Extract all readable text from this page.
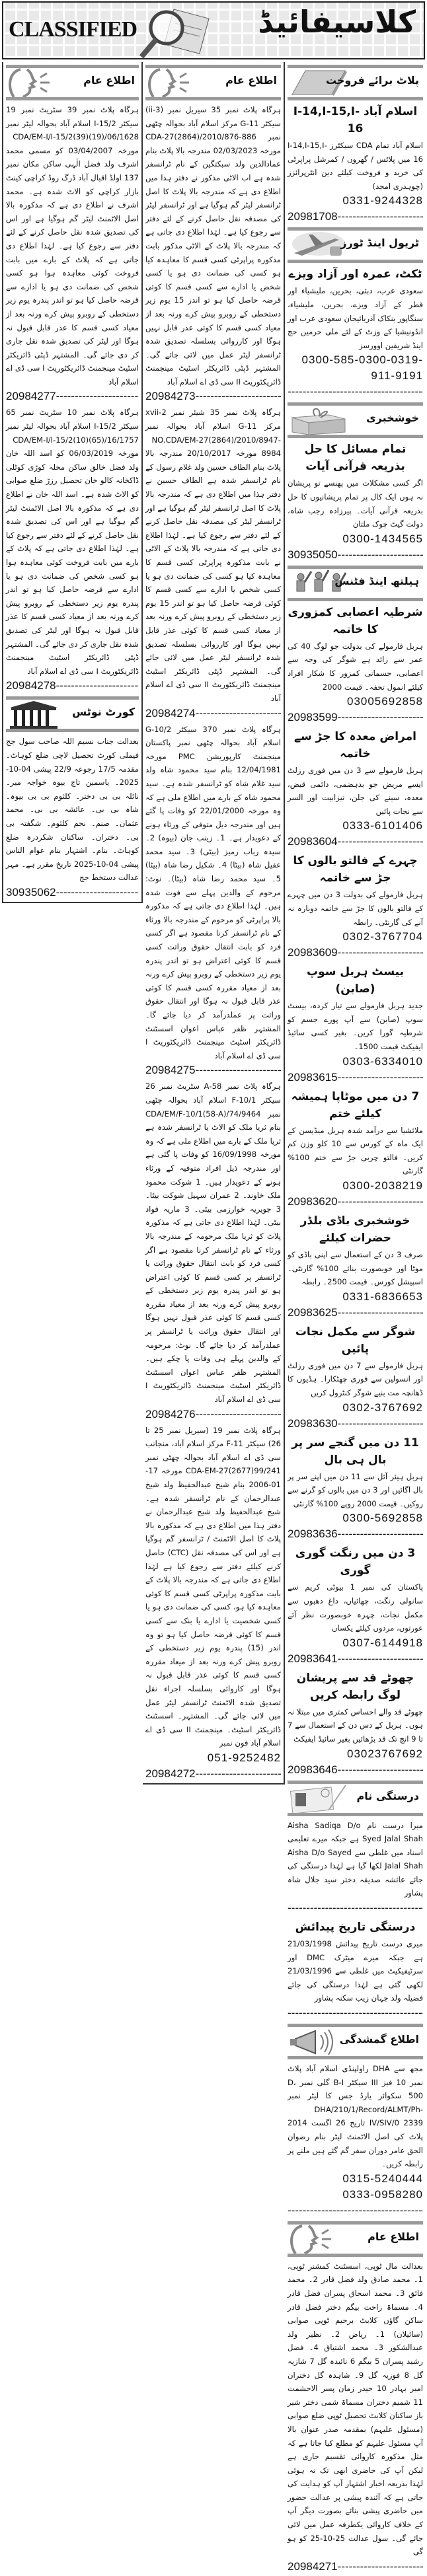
CLASSIFIED	کلاسیفائیڈ
اطلاع عام

ہرگاہ پلاٹ نمبر 39 سٹریٹ نمبر 19 سیکٹر I-15/2 اسلام آباد بحوالہ لیٹر نمبر CDA/EM-I/I-15/2(39)(19)/06/1628 مورخہ 03/04/2007 کو مسمی محمد اشرف ولد فضل الٰہی ساکن مکان نمبر 137 اولڈ اقبال آباد ڈرگ روڈ کراچی کینٹ بازار کراچی کو الاٹ شدہ ہے۔ محمد اشرف نے اطلاع دی ہے کہ مذکورہ بالا اصل الاٹمنٹ لیٹر گم ہوگیا ہے اور اس کی تصدیق شدہ نقل حاصل کرنے کے لئے دفتر سے رجوع کیا ہے۔ لہٰذا اطلاع دی جاتی ہے کہ پلاٹ کے بارے میں بابت فروخت کوئی معاہدہ ہوا ہو کسی شخص کی ضمانت دی ہو یا ادارے سے قرضہ حاصل کیا ہو تو اندر پندرہ یوم زیر دستخطی کے روبرو پیش کرے ورنہ بعد از معیاد کسی قسم کا عذر قابل قبول نہ ہوگا اور لیٹر کی تصدیق شدہ نقل جاری کر دی جائے گی۔ المشتہر ڈپٹی ڈائریکٹر اسٹیٹ مینجمنٹ ڈائریکٹوریٹ I سی ڈی اے اسلام آباد

20984277 -----

ہرگاہ پلاٹ نمبر 10 سٹریٹ نمبر 65 سیکٹر I-15/2 اسلام آباد بحوالہ لیٹر نمبر CDA/EM-I/I-15/2(10)(65)/16/1757 مورخہ 06/03/2019 کو اسد اللہ خان ولد فضل خالق ساکن محلہ کوڑی کوٹلی ڈاکخانہ کالو خان تحصیل رزڑ ضلع صوابی کو الاٹ شدہ ہے۔ اسد اللہ خان نے اطلاع دی ہے کہ مذکورہ بالا اصل الاٹمنٹ لیٹر گم ہوگیا ہے اور اس کی تصدیق شدہ نقل حاصل کرنے کے لئے دفتر سے رجوع کیا ہے۔ لہٰذا اطلاع دی جاتی ہے کہ پلاٹ کے بارے میں بابت فروخت کوئی معاہدہ ہوا ہو کسی شخص کی ضمانت دی ہو یا ادارے سے قرضہ حاصل کیا ہو تو اندر پندرہ یوم زیر دستخطی کے روبرو پیش کرے ورنہ بعد از معیاد کسی قسم کا عذر قابل قبول نہ ہوگا اور لیٹر کی تصدیق شدہ نقل جاری کر دی جائے گی۔ المشتہر ڈپٹی ڈائریکٹر اسٹیٹ مینجمنٹ ڈائریکٹوریٹ I سی ڈی اے اسلام آباد

20984278 -----
کورٹ نوٹس

بعدالت جناب نسیم اللہ صاحب سول جج فیملی کورٹ تحصیل لاچی ضلع کوہاٹ۔ مقدمہ 17/5 رجوعہ 22/9 پیشی 04-10-2025۔ یاسمین تاج بیوہ خواجہ میر۔ نائلہ بی بی دختر۔ کلثوم بی بی بیوہ۔ شاہ بی بی۔ عائشہ بی بی۔ محمد عثمان۔ صنم۔ نجم کلثوم۔ شگفتہ بی بی۔ دختران۔ ساکنان شکردرہ ضلع کوہاٹ۔ بنام۔ اشتہار بنام عوام الناس پیشی 04-10-2025 تاریخ مقرر ہے۔ مہر عدالت دستخط جج

30935062 -----
اطلاع عام

ہرگاہ پلاٹ نمبر 35 سیریل نمبر (3-ii) سیکٹر G-11 مرکز اسلام آباد بحوالہ چٹھی نمبر CDA-27(2864)/2010/876-886 مورخہ 02/03/2023 مندرجہ بالا پلاٹ بنام عمادالدین ولد سبکتگین کے نام ٹرانسفر شدہ ہے اب الاٹی مذکور نے دفتر ہذا میں اطلاع دی ہے کہ مندرجہ بالا پلاٹ کا اصل ٹرانسفر لیٹر گم ہوگیا ہے اور ٹرانسفر لیٹر کی مصدقہ نقل حاصل کرنے کے لئے دفتر سے رجوع کیا ہے۔ لہٰذا اطلاع دی جاتی ہے کہ مندرجہ بالا پلاٹ کے الاٹی مذکور بابت مذکورہ پراپرٹی کسی قسم کا معاہدہ کیا ہو کسی کی ضمانت دی ہو یا کسی شخص یا ادارے سے کسی قسم کا کوئی قرضہ حاصل کیا ہو تو اندر 15 یوم زیر دستخطی کے روبرو پیش کرے ورنہ بعد از معیاد کسی قسم کا کوئی عذر قابل نہیں ہوگا اور کارروائی بسلسلہ تصدیق شدہ ٹرانسفر لیٹر عمل میں لائی جائے گی۔ المشتہر ڈپٹی ڈائریکٹر اسٹیٹ مینجمنٹ ڈائریکٹوریٹ II سی ڈی اے اسلام آباد

20984273 -----

ہرگاہ پلاٹ نمبر 35 شیئر نمبر 2-xvii مرکز G-11 اسلام آباد بحوالہ نمبر NO.CDA/EM-27(2864)/2010/8947-8984 مورخہ 20/10/2017 مندرجہ بالا پلاٹ بنام الطاف حسین ولد غلام رسول کے نام ٹرانسفر شدہ ہے الطاف حسین نے دفتر ہذا میں اطلاع دی ہے کہ مندرجہ بالا پلاٹ کا اصل ٹرانسفر لیٹر گم ہوگیا ہے اور ٹرانسفر لیٹر کی مصدقہ نقل حاصل کرنے کے لئے دفتر سے رجوع کیا ہے۔ لہٰذا اطلاع دی جاتی ہے کہ مندرجہ بالا پلاٹ کے الاٹی نے بابت مذکورہ پراپرٹی کسی قسم کا معاہدہ کیا ہو کسی کی ضمانت دی ہو یا کسی شخص یا ادارے سے کسی قسم کا کوئی قرضہ حاصل کیا ہو تو اندر 15 یوم زیر دستخطی کے روبرو پیش کرے ورنہ بعد از معیاد کسی قسم کا کوئی عذر قابل نہیں ہوگا اور کارروائی بسلسلہ تصدیق شدہ ٹرانسفر لیٹر عمل میں لائی جائے گی۔ المشتہر ڈپٹی ڈائریکٹر اسٹیٹ مینجمنٹ ڈائریکٹوریٹ II سی ڈی اے اسلام آباد

20984274 -----

ہرگاہ پلاٹ نمبر 370 سیکٹر G-10/2 اسلام آباد بحوالہ چٹھی نمبر پاکستان مینجمنٹ کارپوریشن PMC مورخہ 12/04/1981 بنام سید محمود شاہ ولد سید غلام شاہ کو ٹرانسفر شدہ ہے۔ سید محمود شاہ کے بارے میں اطلاع ملی ہے کہ وہ مورخہ 22/01/2000 کو وفات پا گئے ہیں اور مندرجہ ذیل متوفی کے ورثاء ہونے کے دعویدار ہے۔ 1۔ زینب جان (بیوہ) 2۔ سیدہ رباب رمیز (بیٹی) 3۔ سید محمد عقیل شاہ (بیٹا) 4۔ شکیل رضا شاہ (بیٹا) 5۔ سید محمد رضا شاہ (بیٹا)۔ نوٹ: مرحوم کے والدین پہلے سے فوت شدہ ہیں۔ لہٰذا اطلاع دی جاتی ہے کہ مذکورہ بالا پراپرٹی کو مرحوم کے مندرجہ بالا ورثاء کے نام ٹرانسفر کرنا مقصود ہے اگر کسی فرد کو بابت انتقال حقوق وراثت کسی قسم کا کوئی اعتراض ہو تو اندر پندرہ یوم زیر دستخطی کے روبرو پیش کرے ورنہ بعد از معیاد مقررہ کسی قسم کا کوئی عذر قابل قبول نہ ہوگا اور انتقال حقوق وراثت پر عملدرآمد کر دیا جائے گا۔ المشتہر ظفر عباس اعوان اسسٹنٹ ڈائریکٹر اسٹیٹ مینجمنٹ ڈائریکٹوریٹ I سی ڈی اے اسلام آباد

20984275 -----

ہرگاہ پلاٹ نمبر 58-A سٹریٹ نمبر 26 سیکٹر F-10/1 اسلام آباد بحوالہ چٹھی نمبر CDA/EM/F-10/1(58-A)/74/9464 بنام ثریا ملک کو الاٹ یا ٹرانسفر شدہ ہے ثریا ملک کے بارے میں اطلاع ملی ہے کہ وہ مورخہ 16/09/1998 کو وفات پا گئی ہے اور مندرجہ ذیل افراد متوفیہ کے ورثاء ہونے کے دعویدار ہیں۔ 1 شوکت محمود ملک خاوند۔ 2 عمران سہیل شوکت بیٹا۔ 3 جویریہ خوارزمی بیٹی۔ 3 ماریہ فواد بیٹی۔ لہٰذا اطلاع دی جاتی ہے کہ مذکورہ پلاٹ کو ثریا ملک مرحومہ کے مندرجہ بالا ورثاء کے نام ٹرانسفر کرنا مقصود ہے اگر کسی فرد کو بابت انتقال حقوق وراثت یا ٹرانسفر پر کسی قسم کا کوئی اعتراض ہو تو اندر پندرہ یوم زیر دستخطی کے روبرو پیش کرے ورنہ بعد از معیاد مقررہ کسی قسم کا کوئی عذر قبول نہیں ہوگا اور انتقال حقوق وراثت یا ٹرانسفر پر عملدرآمد کر دیا جائے گا۔ نوٹ: مرحومہ کے والدین پہلے ہی وفات پا چکے ہیں۔ المشتہر ظفر عباس اعوان اسسٹنٹ ڈائریکٹر اسٹیٹ مینجمنٹ ڈائریکٹوریٹ I سی ڈی اے اسلام آباد

20984276 -----

ہرگاہ پلاٹ نمبر 19 (سیریل نمبر 25 تا 26) سیکٹر F-11 مرکز اسلام آباد، منجانب سی ڈی اے اسلام آباد بحوالہ چھٹی نمبر CDA-EM-27(2677)99/241 مورخہ 17-01-2006 بنام شیخ عبدالحفیظ ولد شیخ عبدالرحمان کے نام ٹرانسفر شدہ ہے۔ شیخ عبدالحفیظ ولد شیخ عبدالرحمان نے دفتر ہذا میں اطلاع دی ہے کہ مذکورہ بالا پلاٹ کا اصل الاٹمنٹ / ٹرانسفر گم ہوگیا ہے اور اس کی مصدقہ نقل (CTC) حاصل کرنے کیلئے دفتر سے رجوع کیا ہے لہٰذا اطلاع دی جاتی ہے کہ مندرجہ بالا پلاٹ کے بابت مذکورہ پراپرٹی کسی قسم کا کوئی معاہدہ کیا ہو، کسی کی ضمانت دی ہو یا کسی شخصیت یا ادارے یا بنک سے کسی قسم کا کوئی قرضہ حاصل کیا ہو تو وہ اندر (15) پندرہ یوم زیر دستخطی کے روبرو پیش کرے ورنہ بعد از میعاد مقررہ کسی قسم کا کوئی عذر قابل قبول نہ ہوگا اور کاروائی بسلسلہ اجراء نقل تصدیق شدہ الاٹمنٹ ٹرانسفر لیٹر عمل میں لائی جائے گی۔ المشتہر۔ اسسٹنٹ ڈائریکٹر اسٹیٹ۔ مینجمنٹ II سی ڈی اے اسلام آباد فون نمبر

051-9252482
20984272 -----
پلاٹ برائے فروخت
اسلام آباد I-14,I-15,I-16

اسلام آباد تمام CDA سیکٹرز I-14,I-15,I-16 میں پلاٹس / گھروں / کمرشل پراپرٹی کی خرید و فروخت کیلئے دین انٹرپرائزز (چوہدری امجد)

0331-9244328
20981708 -----
ٹریول اینڈ ٹورز
ٹکٹ، عمرہ اور آزاد ویزے

سعودی عرب، دبئی، بحرین، ملیشیاء اور قطر کے آزاد ویزے، بحرین، ملیشیاء، سنگاپور بنکاک آذربائیجان سعودی عرب اور انڈونیشیا کے وزٹ کے لئے ملی حرمین حج اینڈ شریفین اوورسز

0300-585-0300-0319-911-9191
-----
خوشخبری
تمام مسائل کا حل بذریعہ قرآنی آیات

اگر کسی مشکلات میں پھنسے تو پریشان نہ ہوں ایک کال پر تمام پریشانیوں کا حل بذریعہ قرآنی آیات۔ پیرزادہ رجب شاہ، دولت گیٹ چوک ملتان

0300-1434565
30935050 -----
ہیلتھ اینڈ فٹنس
شرطیہ اعصابی کمزوری کا خاتمہ

ہربل فارمولے کی بدولت جو لوگ 40 کی عمر سے زائد ہے شوگر کی وجہ سے اعصابی، جسمانی کمزور کا شکار افراد کیلئے انمول تحفہ۔ قیمت 2000

03005692858
20983599 -----
امراض معدہ کا جڑ سے خاتمہ

ہربل فارمولے سے 3 دن میں فوری رزلٹ ایسے مریض جو بدہضمی، دائمی قبض، معدہ، سینے کی جلن، تیزابیت اور السر سے نجات پائیں

0333-6101406
20983604 -----
چہرے کے فالتو بالوں کا جڑ سے خاتمہ

ہربل فارمولے کی بدولت 3 دن میں چہرے کے فالتو بالوں کا جڑ سے خاتمہ دوبارہ نہ آنے کی گارنٹی۔ رابطہ

0302-3767704
20983609 -----
بیسٹ ہربل سوپ (صابن)

جدید ہربل فارمولے سے تیار کردہ، بیسٹ سوپ (صابن) سے آپ پورے جسم کو شرطیہ گورا کریں۔ بغیر کسی سائیڈ ایفیکٹ قیمت 1500۔

0303-6334010
20983615 -----
7 دن میں موٹاپا ہمیشہ کیلئے ختم

ملائشیا سے درآمد شدہ ہربل میڈیسن کے ایک ماہ کے کورس سے 10 کلو وزن کم کریں۔ فالتو چربی جڑ سے ختم 100% گارنٹی

0300-2038219
20983620 -----
خوشخبری باڈی بلڈر حضرات کیلئے

صرف 3 دن کے استعمال سے اپنی باڈی کو موٹا اور خوبصورت بنائے 100% گارنٹی۔ اسپیشل کورس۔ قیمت 2500۔ رابطہ

0331-6836653
20983625 -----
شوگر سے مکمل نجات پائیں

ہربل فارمولے سے 7 دن میں فوری رزلٹ اور انسولین سے فوری چھٹکارا۔ ہڈیوں کا ڈھانچہ مت بنیے شوگر کنٹرول کریں

0302-3767692
20983630 -----
11 دن میں گنجے سر پر بال ہی بال

ہربل ہیئر آئل سے 11 دن میں اپنے سر پر بال اگائیں اور 3 دن میں بالوں کو گرنے سے روکیں۔ قیمت 2000 روپے 100% گارنٹی

0300-5692858
20983636 -----
3 دن میں رنگت گوری گوری

پاکستان کی نمبر 1 بیوٹی کریم سے سانولی رنگت، چھائیاں، داغ دھبوں سے مکمل نجات، چہرہ خوبصورت نظر آئے عورتوں، مردوں کیلئے یکساں

0307-6144918
20983641 -----
چھوٹے قد سے پریشان لوگ رابطہ کریں

چھوٹے قد والے احساس کمتری میں مبتلا نہ ہوں۔ ہربل کے دس دن کے استعمال سے 7 تا 9 انچ تک قد بڑھائیں بغیر سائیڈ ایفیکٹ

03023767692
20983646 -----
درستگی نام

میرا درست نام Aisha Sadiqa D/o Syed Jalal Shah ہے جبکہ میرے تعلیمی اسناد میں غلطی سے Aisha D/o Sayed Jalal Shah لکھا گیا ہے لہٰذا درستگی کی جائے عائشہ صدیقہ دختر سید جلال شاہ پشاور

-----
درستگی تاریخ پیدائش

میری درست تاریخ پیدائش 21/03/1998 ہے جبکہ میرے میٹرک DMC اور سرٹیفیکیٹ میں غلطی سے 21/03/1996 لکھی گئی ہے لہٰذا درستگی کی جائے فضیلہ ولد جہان زیب سکنہ پشاور

-----
اطلاع گمشدگی

مجھ سے DHA راولپنڈی اسلام آباد پلاٹ نمبر 10 فیز III سیکٹر B-I گلی نمبر D، 500 سکوائر یارڈ جس کا لیٹر نمبر DHA/210/1/Record/ALMT/Ph-IV/SIV/0 2339 تاریخ 26 اگست 2014 پلاٹ کی اصل الاٹمنٹ لیٹر بنام رضوان الحق عامر دوران سفر گم گئے ہیں ملنے پر رابطہ کریں۔

0315-5240444
0333-0958280
-----
اطلاع عام

بعدالت مال ٹوپی، اسسٹنٹ کمشنر ٹوپی، 1۔ محمد صادق ولد فضل قادر 2۔ محمد فائق 3۔ محمد اسحاق پسران فضل قادر 4۔ مسماۃ راحت بیگم دختر فضل قادر ساکن گاؤں کلابٹ برحیم ٹوپی صوابی (سائیلان) 1۔ ریاض 2۔ نظیر ولد عبدالشکور 3۔ محمد اشتیاق 4۔ فضل رشید پسران 5 بیگم 6 نائیدہ گل 7 شازیہ گل 8 فوزیہ گل 9۔ شاہدہ گل دختران امیر بہادر 10 حیدر زمان پسر الاحشمت 11 شمیم دختران مسماۃ شمی دختر شیر باز ساکنان کلابٹ تحصیل ٹوپی ضلع صوابی (مسئول علیہم) بمقدمہ صدر عنوان بالا آپ مسئول علیہم کو مطلع کیا جاتا ہے کہ مثل مذکورہ کاروائی تقسیم جاری ہے لیکن آپ کی حاضری ابھی تک نہ ہوئی لہٰذا بذریعہ اخبار اشتہار آپ کو ہدایت کی جاتی ہے کہ آئندہ پیشی پر عدالت حضور میں حاضری پیشی بنائے بصورت دیگر آپ کے خلاف کاروائی یکطرفہ عمل میں لائی جائے گی۔ سول عدالت 25-10-25 کو ہو گی

20984271 -----
